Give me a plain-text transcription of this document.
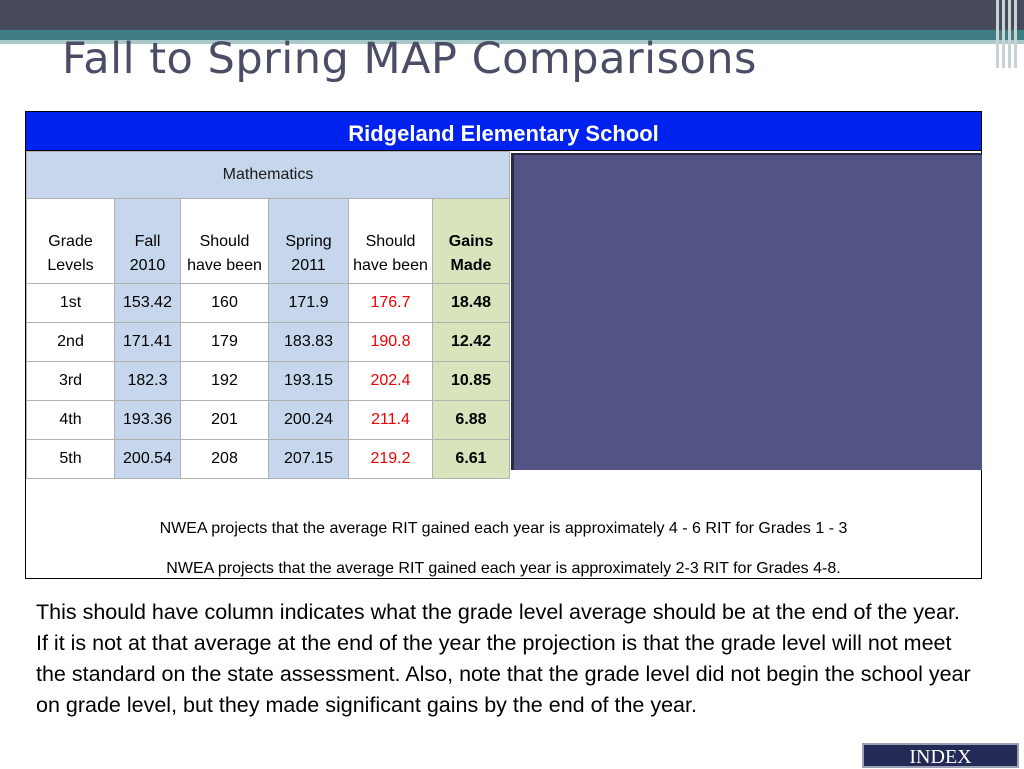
Fall to Spring MAP Comparisons
Ridgeland Elementary School
Mathematics					
Grade Levels	Fall 2010	Should have been	Spring 2011	Should have been	Gains Made
1st	153.42	160	171.9	176.7	18.48
2nd	171.41	179	183.83	190.8	12.42
3rd	182.3	192	193.15	202.4	10.85
4th	193.36	201	200.24	211.4	6.88
5th	200.54	208	207.15	219.2	6.61
NWEA projects that the average RIT gained each year is approximately 4 - 6 RIT for Grades 1 - 3
NWEA projects that the average RIT gained each year is approximately 2-3 RIT for Grades 4-8.
This should have column indicates what the grade level average should be at the end of the year. If it is not at that average at the end of the year the projection is that the grade level will not meet the standard on the state assessment. Also, note that the grade level did not begin the school year on grade level, but they made significant gains by the end of the year.
INDEX
